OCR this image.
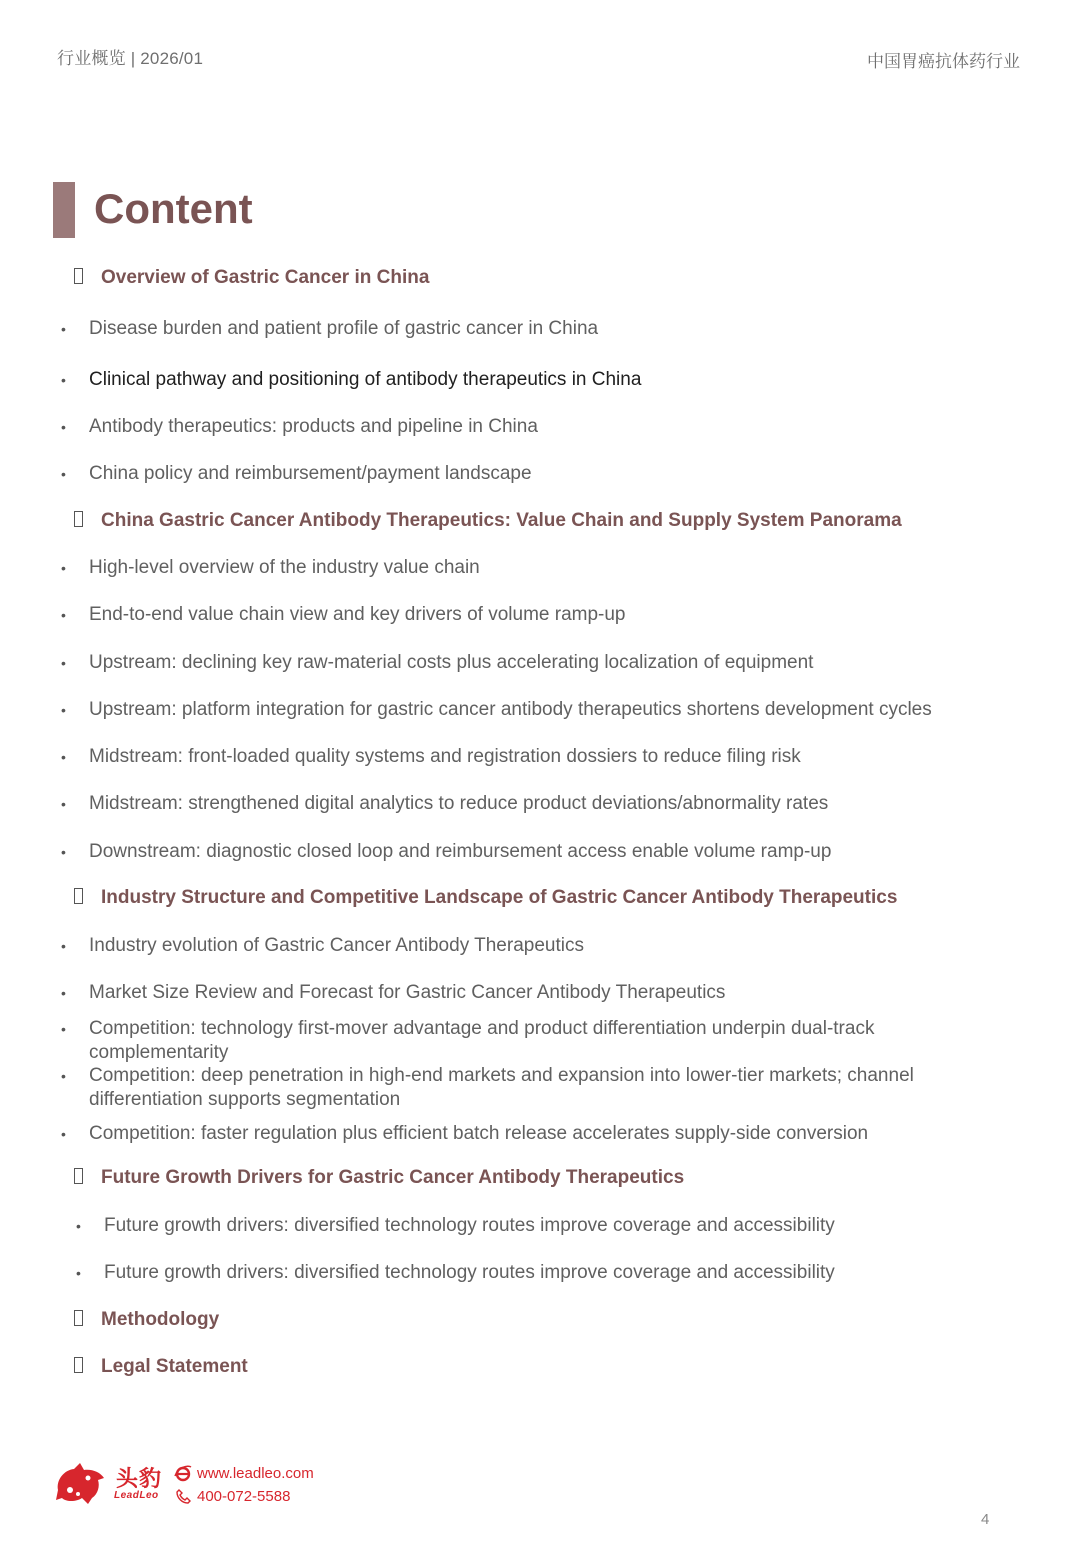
行业概览 | 2026/01	中国胃癌抗体药行业
Content
Overview of Gastric Cancer in China
• Disease burden and patient profile of gastric cancer in China
• Clinical pathway and positioning of antibody therapeutics in China
• Antibody therapeutics: products and pipeline in China
• China policy and reimbursement/payment landscape
China Gastric Cancer Antibody Therapeutics: Value Chain and Supply System Panorama
• High-level overview of the industry value chain
• End-to-end value chain view and key drivers of volume ramp-up
• Upstream: declining key raw-material costs plus accelerating localization of equipment
• Upstream: platform integration for gastric cancer antibody therapeutics shortens development cycles
• Midstream: front-loaded quality systems and registration dossiers to reduce filing risk
• Midstream: strengthened digital analytics to reduce product deviations/abnormality rates
• Downstream: diagnostic closed loop and reimbursement access enable volume ramp-up
Industry Structure and Competitive Landscape of Gastric Cancer Antibody Therapeutics
• Industry evolution of Gastric Cancer Antibody Therapeutics
• Market Size Review and Forecast for Gastric Cancer Antibody Therapeutics
• Competition: technology first-mover advantage and product differentiation underpin dual-track complementarity
• Competition: deep penetration in high-end markets and expansion into lower-tier markets; channel differentiation supports segmentation
• Competition: faster regulation plus efficient batch release accelerates supply-side conversion
Future Growth Drivers for Gastric Cancer Antibody Therapeutics
• Future growth drivers: diversified technology routes improve coverage and accessibility
• Future growth drivers: diversified technology routes improve coverage and accessibility
Methodology
Legal Statement
头豹
LeadLeo
www.leadleo.com
400-072-5588
4
